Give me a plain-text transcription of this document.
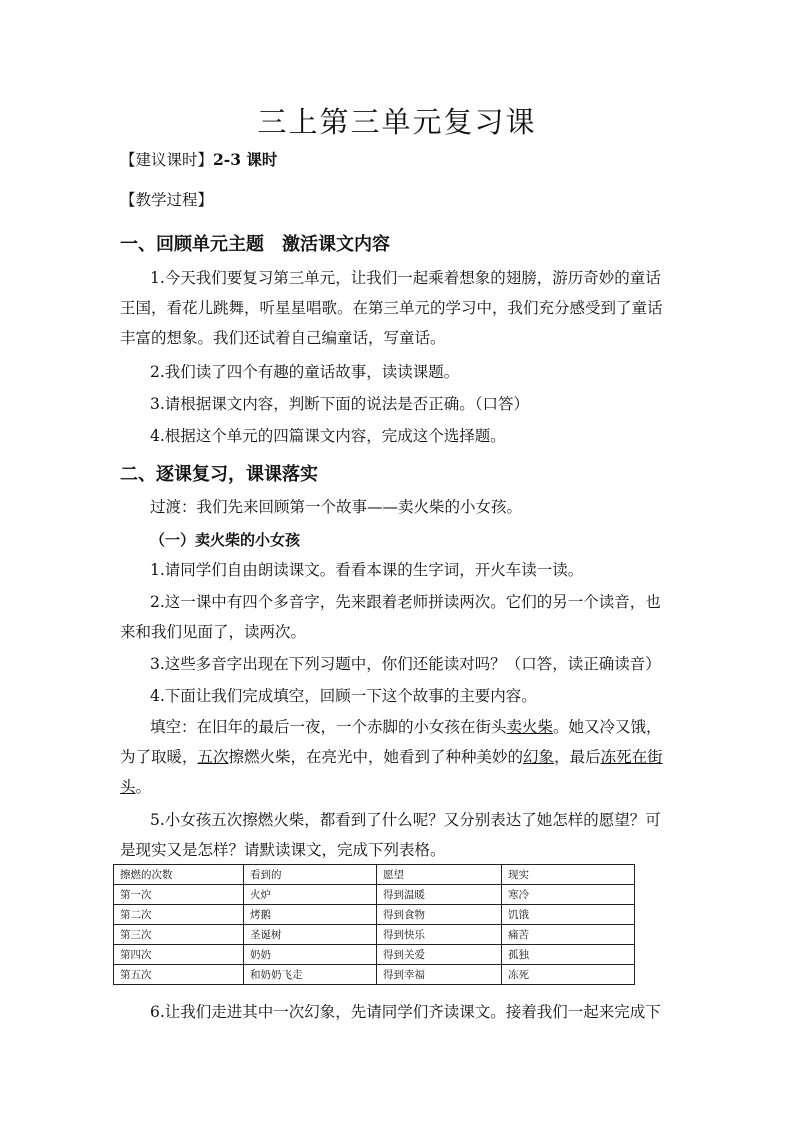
三上第三单元复习课
【建议课时】2-3 课时
【教学过程】
一、回顾单元主题　激活课文内容
1.今天我们要复习第三单元，让我们一起乘着想象的翅膀，游历奇妙的童话
王国，看花儿跳舞，听星星唱歌。在第三单元的学习中，我们充分感受到了童话
丰富的想象。我们还试着自己编童话，写童话。
2.我们读了四个有趣的童话故事，读读课题。
3.请根据课文内容，判断下面的说法是否正确。（口答）
4.根据这个单元的四篇课文内容，完成这个选择题。
二、逐课复习，课课落实
过渡：我们先来回顾第一个故事——卖火柴的小女孩。
（一）卖火柴的小女孩
1.请同学们自由朗读课文。看看本课的生字词，开火车读一读。
2.这一课中有四个多音字，先来跟着老师拼读两次。它们的另一个读音，也
来和我们见面了，读两次。
3.这些多音字出现在下列习题中，你们还能读对吗？（口答，读正确读音）
4.下面让我们完成填空，回顾一下这个故事的主要内容。
填空：在旧年的最后一夜，一个赤脚的小女孩在街头卖火柴。她又冷又饿，
为了取暖，五次擦燃火柴，在亮光中，她看到了种种美妙的幻象，最后冻死在街
头。
5.小女孩五次擦燃火柴，都看到了什么呢？又分别表达了她怎样的愿望？可
是现实又是怎样？请默读课文，完成下列表格。
擦燃的次数	看到的	愿望	现实
第一次	火炉	得到温暖	寒冷
第二次	烤鹅	得到食物	饥饿
第三次	圣诞树	得到快乐	痛苦
第四次	奶奶	得到关爱	孤独
第五次	和奶奶飞走	得到幸福	冻死
6.让我们走进其中一次幻象，先请同学们齐读课文。接着我们一起来完成下
